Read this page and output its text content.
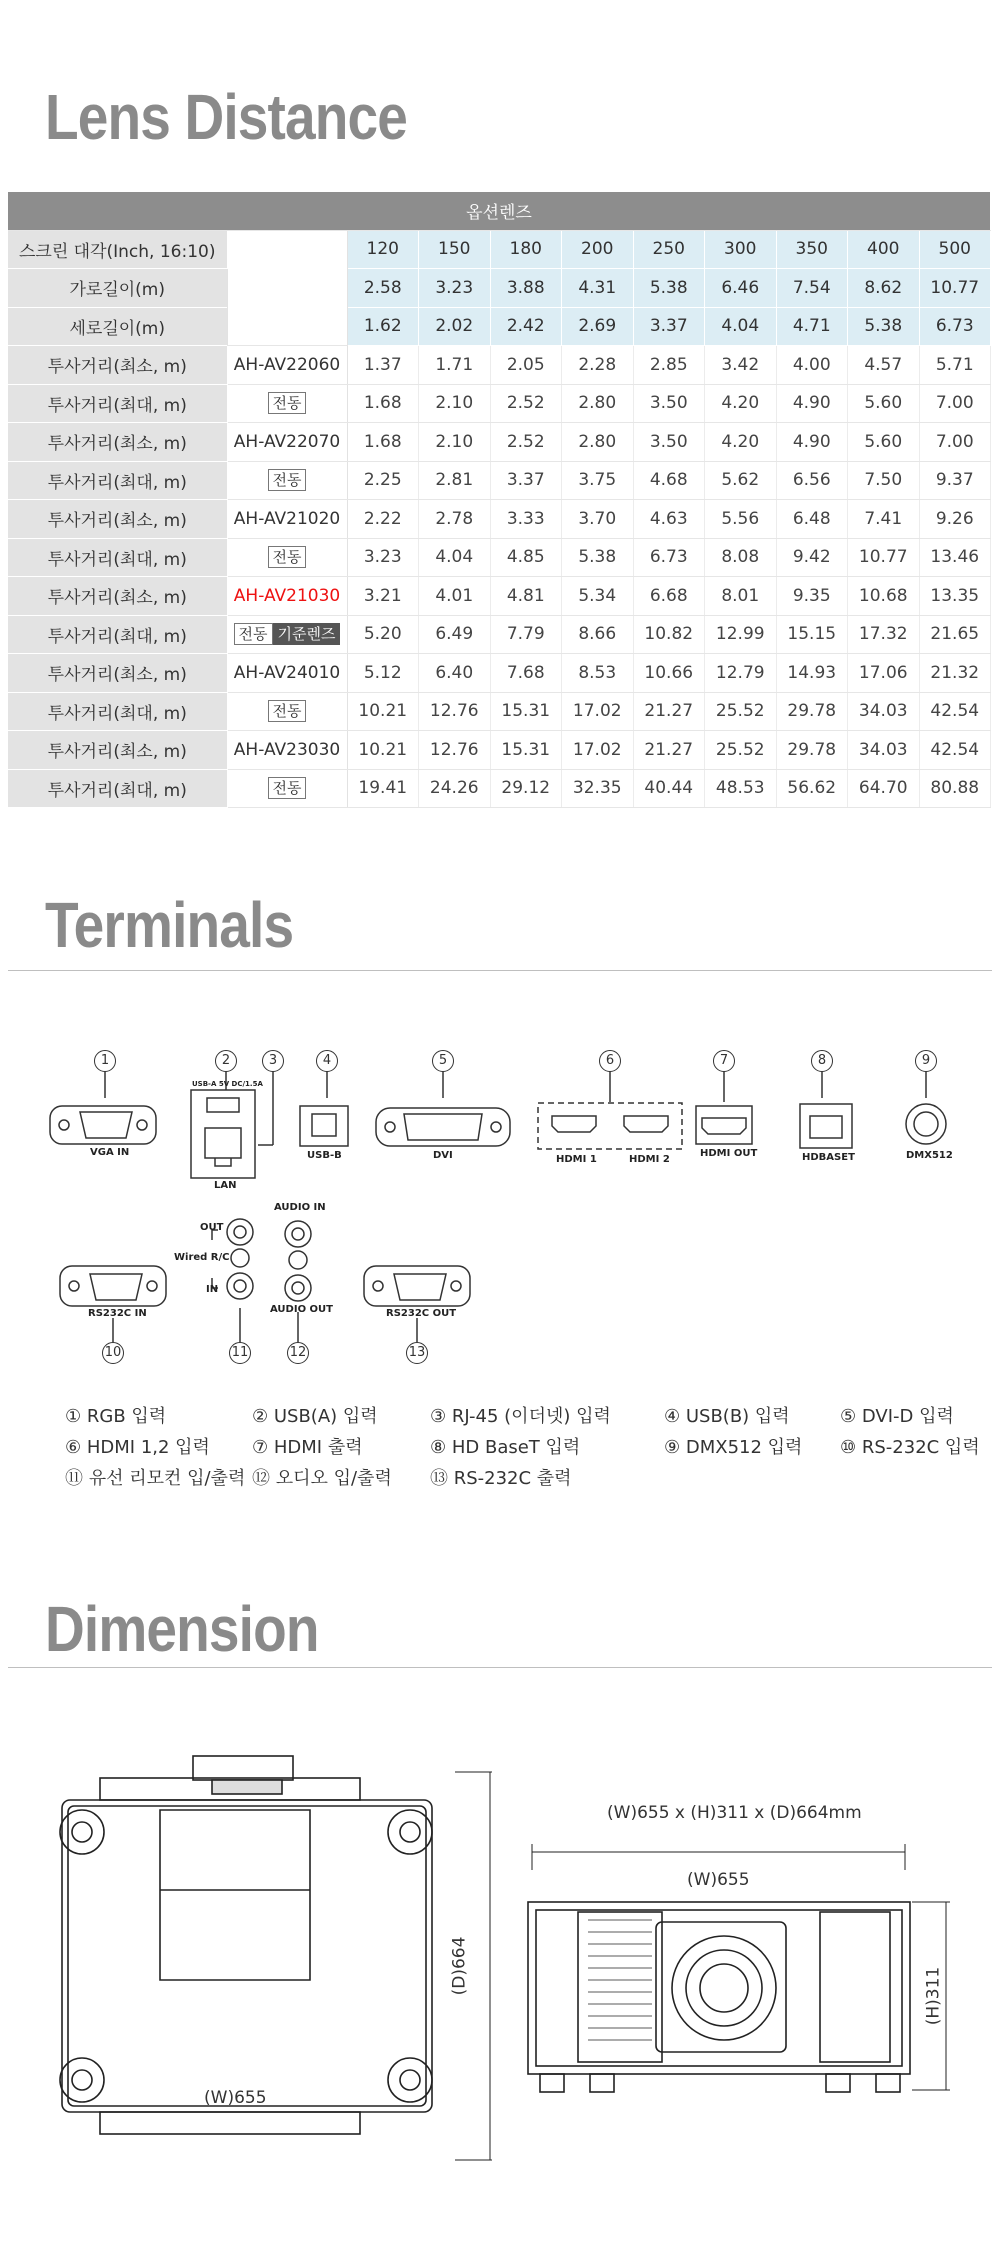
Lens Distance
옵션렌즈										
스크린 대각(Inch, 16:10)		120	150	180	200	250	300	350	400	500
가로길이(m)		2.58	3.23	3.88	4.31	5.38	6.46	7.54	8.62	10.77
세로길이(m)		1.62	2.02	2.42	2.69	3.37	4.04	4.71	5.38	6.73
투사거리(최소, m)	AH-AV22060	1.37	1.71	2.05	2.28	2.85	3.42	4.00	4.57	5.71
투사거리(최대, m)	전동	1.68	2.10	2.52	2.80	3.50	4.20	4.90	5.60	7.00
투사거리(최소, m)	AH-AV22070	1.68	2.10	2.52	2.80	3.50	4.20	4.90	5.60	7.00
투사거리(최대, m)	전동	2.25	2.81	3.37	3.75	4.68	5.62	6.56	7.50	9.37
투사거리(최소, m)	AH-AV21020	2.22	2.78	3.33	3.70	4.63	5.56	6.48	7.41	9.26
투사거리(최대, m)	전동	3.23	4.04	4.85	5.38	6.73	8.08	9.42	10.77	13.46
투사거리(최소, m)	AH-AV21030	3.21	4.01	4.81	5.34	6.68	8.01	9.35	10.68	13.35
투사거리(최대, m)	전동 기준렌즈	5.20	6.49	7.79	8.66	10.82	12.99	15.15	17.32	21.65
투사거리(최소, m)	AH-AV24010	5.12	6.40	7.68	8.53	10.66	12.79	14.93	17.06	21.32
투사거리(최대, m)	전동	10.21	12.76	15.31	17.02	21.27	25.52	29.78	34.03	42.54
투사거리(최소, m)	AH-AV23030	10.21	12.76	15.31	17.02	21.27	25.52	29.78	34.03	42.54
투사거리(최대, m)	전동	19.41	24.26	29.12	32.35	40.44	48.53	56.62	64.70	80.88
Terminals
1	2	3	4	5	6	7	8	9
10	11	12	13
VGA IN
USB-A 5V DC/1.5A
LAN
USB-B	DVI	HDMI 1	HDMI 2
HDMI OUT	HDBASET	DMX512
RS232C IN
OUT
Wired R/C
IN
AUDIO IN
AUDIO OUT	RS232C OUT
① RGB 입력	② USB(A) 입력	③ RJ-45 (이더넷) 입력	④ USB(B) 입력	⑤ DVI-D 입력
⑥ HDMI 1,2 입력 ⑦ HDMI 출력	⑧ HD BaseT 입력	⑨ DMX512 입력 ⑩ RS-232C 입력
⑪ 유선 리모컨 입/출력 ⑫ 오디오 입/출력 ⑬ RS-232C 출력
Dimension
(W)655 x (H)311 x (D)664mm
(W)655
(W)655
(D)664
(H)311
